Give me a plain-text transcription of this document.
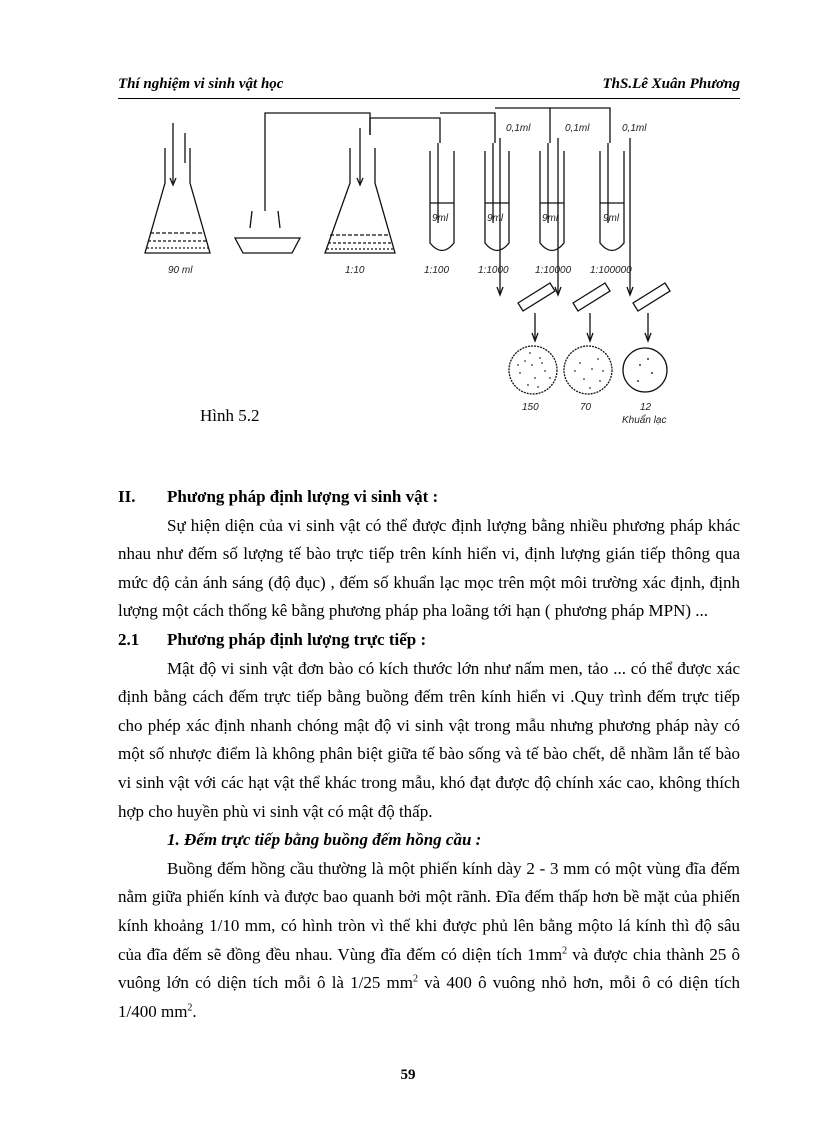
Thí nghiệm vi sinh vật học	ThS.Lê Xuân Phương
90 ml	1:10	1:100	1:1000	1:10000 1:100000
9ml	9ml	9ml	9ml
0,1ml	0,1ml	0,1ml
150	70	12
Khuẩn lạc
Hình 5.2
II.	Phương pháp định lượng vi sinh vật :

Sự hiện diện của vi sinh vật có thể được định lượng bằng nhiều phương pháp khác nhau như đếm số lượng tế bào trực tiếp trên kính hiển vi, định lượng gián tiếp thông qua mức độ cản ánh sáng (độ đục) , đếm số khuẩn lạc mọc trên một môi trường xác định, định lượng một cách thống kê bằng phương pháp pha loãng tới hạn ( phương pháp MPN) ...

2.1	Phương pháp định lượng trực tiếp :

Mật độ vi sinh vật đơn bào có kích thước lớn như nấm men, tảo ... có thể được xác định bằng cách đếm trực tiếp bằng buồng đếm trên kính hiển vi .Quy trình đếm trực tiếp cho phép xác định nhanh chóng mật độ vi sinh vật trong mẫu nhưng phương pháp này có một số nhược điểm là không phân biệt giữa tế bào sống và tế bào chết, dễ nhầm lẫn tế bào vi sinh vật với các hạt vật thể khác trong mẫu, khó đạt được độ chính xác cao, không thích hợp cho huyền phù vi sinh vật có mật độ thấp.

1. Đếm trực tiếp bằng buồng đếm hồng cầu :

Buồng đếm hồng cầu thường là một phiến kính dày 2 - 3 mm có một vùng đĩa đếm nằm giữa phiến kính và được bao quanh bởi một rãnh. Đĩa đếm thấp hơn bề mặt của phiến kính khoảng 1/10 mm, có hình tròn vì thế khi được phủ lên bằng mộto lá kính thì độ sâu của đĩa đếm sẽ đồng đều nhau. Vùng đĩa đếm có diện tích $1mm^2$ và được chia thành 25 ô vuông lớn có diện tích mỗi ô là 1/25 $mm^2$ và 400 ô vuông nhỏ hơn, mỗi ô có diện tích 1/400 $mm^2$.

59
